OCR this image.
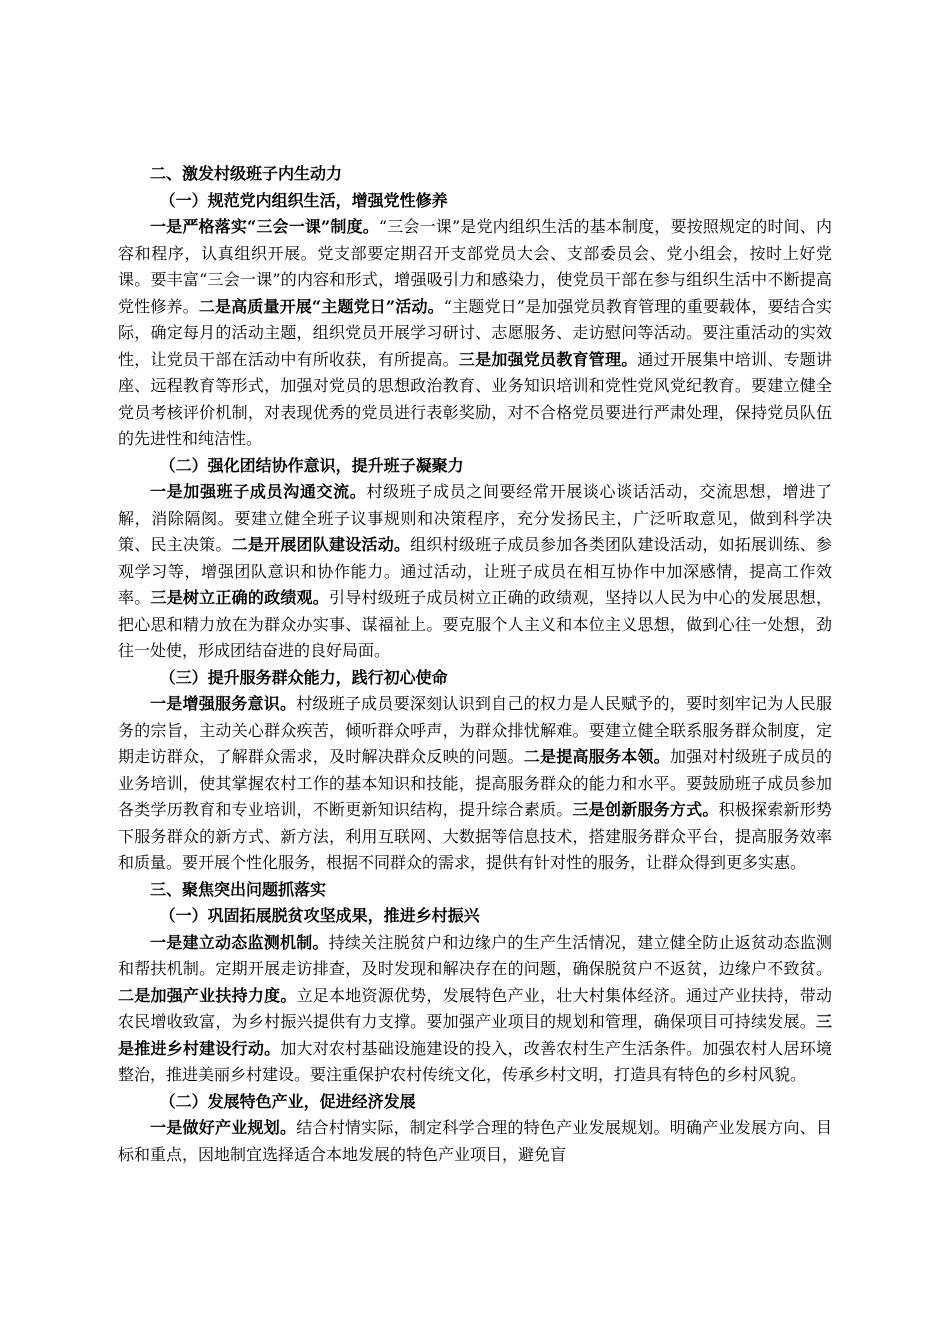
二、激发村级班子内生动力
（一）规范党内组织生活，增强党性修养

一是严格落实“三会一课”制度。“三会一课”是党内组织生活的基本制度，要按照规定的时间、内容和程序，认真组织开展。党支部要定期召开支部党员大会、支部委员会、党小组会，按时上好党课。要丰富“三会一课”的内容和形式，增强吸引力和感染力，使党员干部在参与组织生活中不断提高党性修养。二是高质量开展“主题党日”活动。“主题党日”是加强党员教育管理的重要载体，要结合实际，确定每月的活动主题，组织党员开展学习研讨、志愿服务、走访慰问等活动。要注重活动的实效性，让党员干部在活动中有所收获，有所提高。三是加强党员教育管理。通过开展集中培训、专题讲座、远程教育等形式，加强对党员的思想政治教育、业务知识培训和党性党风党纪教育。要建立健全党员考核评价机制，对表现优秀的党员进行表彰奖励，对不合格党员要进行严肃处理，保持党员队伍的先进性和纯洁性。

（二）强化团结协作意识，提升班子凝聚力

一是加强班子成员沟通交流。村级班子成员之间要经常开展谈心谈话活动，交流思想，增进了解，消除隔阂。要建立健全班子议事规则和决策程序，充分发扬民主，广泛听取意见，做到科学决策、民主决策。二是开展团队建设活动。组织村级班子成员参加各类团队建设活动，如拓展训练、参观学习等，增强团队意识和协作能力。通过活动，让班子成员在相互协作中加深感情，提高工作效率。三是树立正确的政绩观。引导村级班子成员树立正确的政绩观，坚持以人民为中心的发展思想，把心思和精力放在为群众办实事、谋福祉上。要克服个人主义和本位主义思想，做到心往一处想，劲往一处使，形成团结奋进的良好局面。

（三）提升服务群众能力，践行初心使命

一是增强服务意识。村级班子成员要深刻认识到自己的权力是人民赋予的，要时刻牢记为人民服务的宗旨，主动关心群众疾苦，倾听群众呼声，为群众排忧解难。要建立健全联系服务群众制度，定期走访群众，了解群众需求，及时解决群众反映的问题。二是提高服务本领。加强对村级班子成员的业务培训，使其掌握农村工作的基本知识和技能，提高服务群众的能力和水平。要鼓励班子成员参加各类学历教育和专业培训，不断更新知识结构，提升综合素质。三是创新服务方式。积极探索新形势下服务群众的新方式、新方法，利用互联网、大数据等信息技术，搭建服务群众平台，提高服务效率和质量。要开展个性化服务，根据不同群众的需求，提供有针对性的服务，让群众得到更多实惠。

三、聚焦突出问题抓落实
（一）巩固拓展脱贫攻坚成果，推进乡村振兴

一是建立动态监测机制。持续关注脱贫户和边缘户的生产生活情况，建立健全防止返贫动态监测和帮扶机制。定期开展走访排查，及时发现和解决存在的问题，确保脱贫户不返贫，边缘户不致贫。二是加强产业扶持力度。立足本地资源优势，发展特色产业，壮大村集体经济。通过产业扶持，带动农民增收致富，为乡村振兴提供有力支撑。要加强产业项目的规划和管理，确保项目可持续发展。三是推进乡村建设行动。加大对农村基础设施建设的投入，改善农村生产生活条件。加强农村人居环境整治，推进美丽乡村建设。要注重保护农村传统文化，传承乡村文明，打造具有特色的乡村风貌。

（二）发展特色产业，促进经济发展

一是做好产业规划。结合村情实际，制定科学合理的特色产业发展规划。明确产业发展方向、目标和重点，因地制宜选择适合本地发展的特色产业项目，避免盲
